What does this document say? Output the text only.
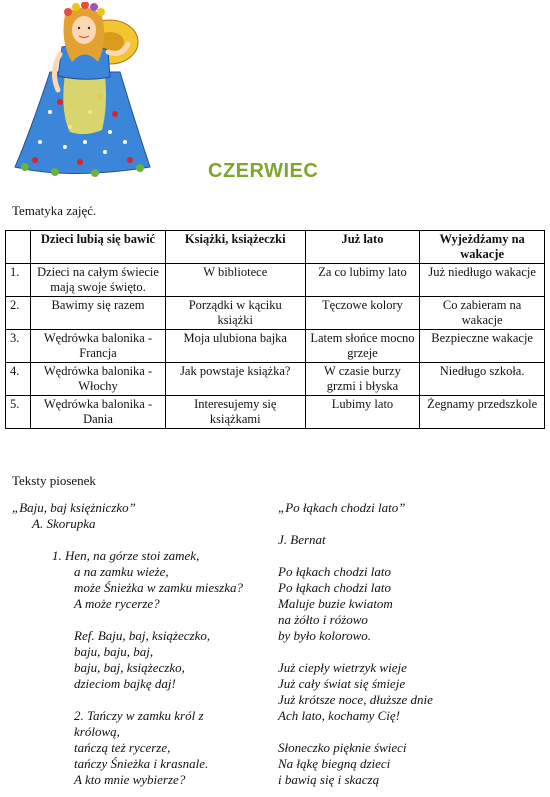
CZERWIEC
Tematyka zajęć.
	Dzieci lubią się bawić	Książki, książeczki	Już lato	Wyjeżdżamy na wakacje
1.	Dzieci na całym świecie mają swoje święto.	W bibliotece	Za co lubimy lato	Już niedługo wakacje
2.	Bawimy się razem	Porządki w kąciku książki	Tęczowe kolory	Co zabieram na wakacje
3.	Wędrówka balonika - Francja	Moja ulubiona bajka	Latem słońce mocno grzeje	Bezpieczne wakacje
4.	Wędrówka balonika - Włochy	Jak powstaje książka?	W czasie burzy grzmi i błyska	Niedługo szkoła.
5.	Wędrówka balonika - Dania	Interesujemy się książkami	Lubimy lato	Żegnamy przedszkole
Teksty piosenek

„Baju, baj księżniczko”

A. Skorupka

1. Hen, na górze stoi zamek,

a na zamku wieże,

może Śnieżka w zamku mieszka?

A może rycerze?

Ref. Baju, baj, książeczko,

baju, baju, baj,

baju, baj, książeczko,

dzieciom bajkę daj!

2. Tańczy w zamku król z

królową,

tańczą też rycerze,

tańczy Śnieżka i krasnale.

A kto mnie wybierze?

„Po łąkach chodzi lato”

J. Bernat

Po łąkach chodzi lato

Po łąkach chodzi lato

Maluje buzie kwiatom

na żółto i różowo

by było kolorowo.

Już ciepły wietrzyk wieje

Już cały świat się śmieje

Już krótsze noce, dłuższe dnie

Ach lato, kochamy Cię!

Słoneczko pięknie świeci

Na łąkę biegną dzieci

i bawią się i skaczą
